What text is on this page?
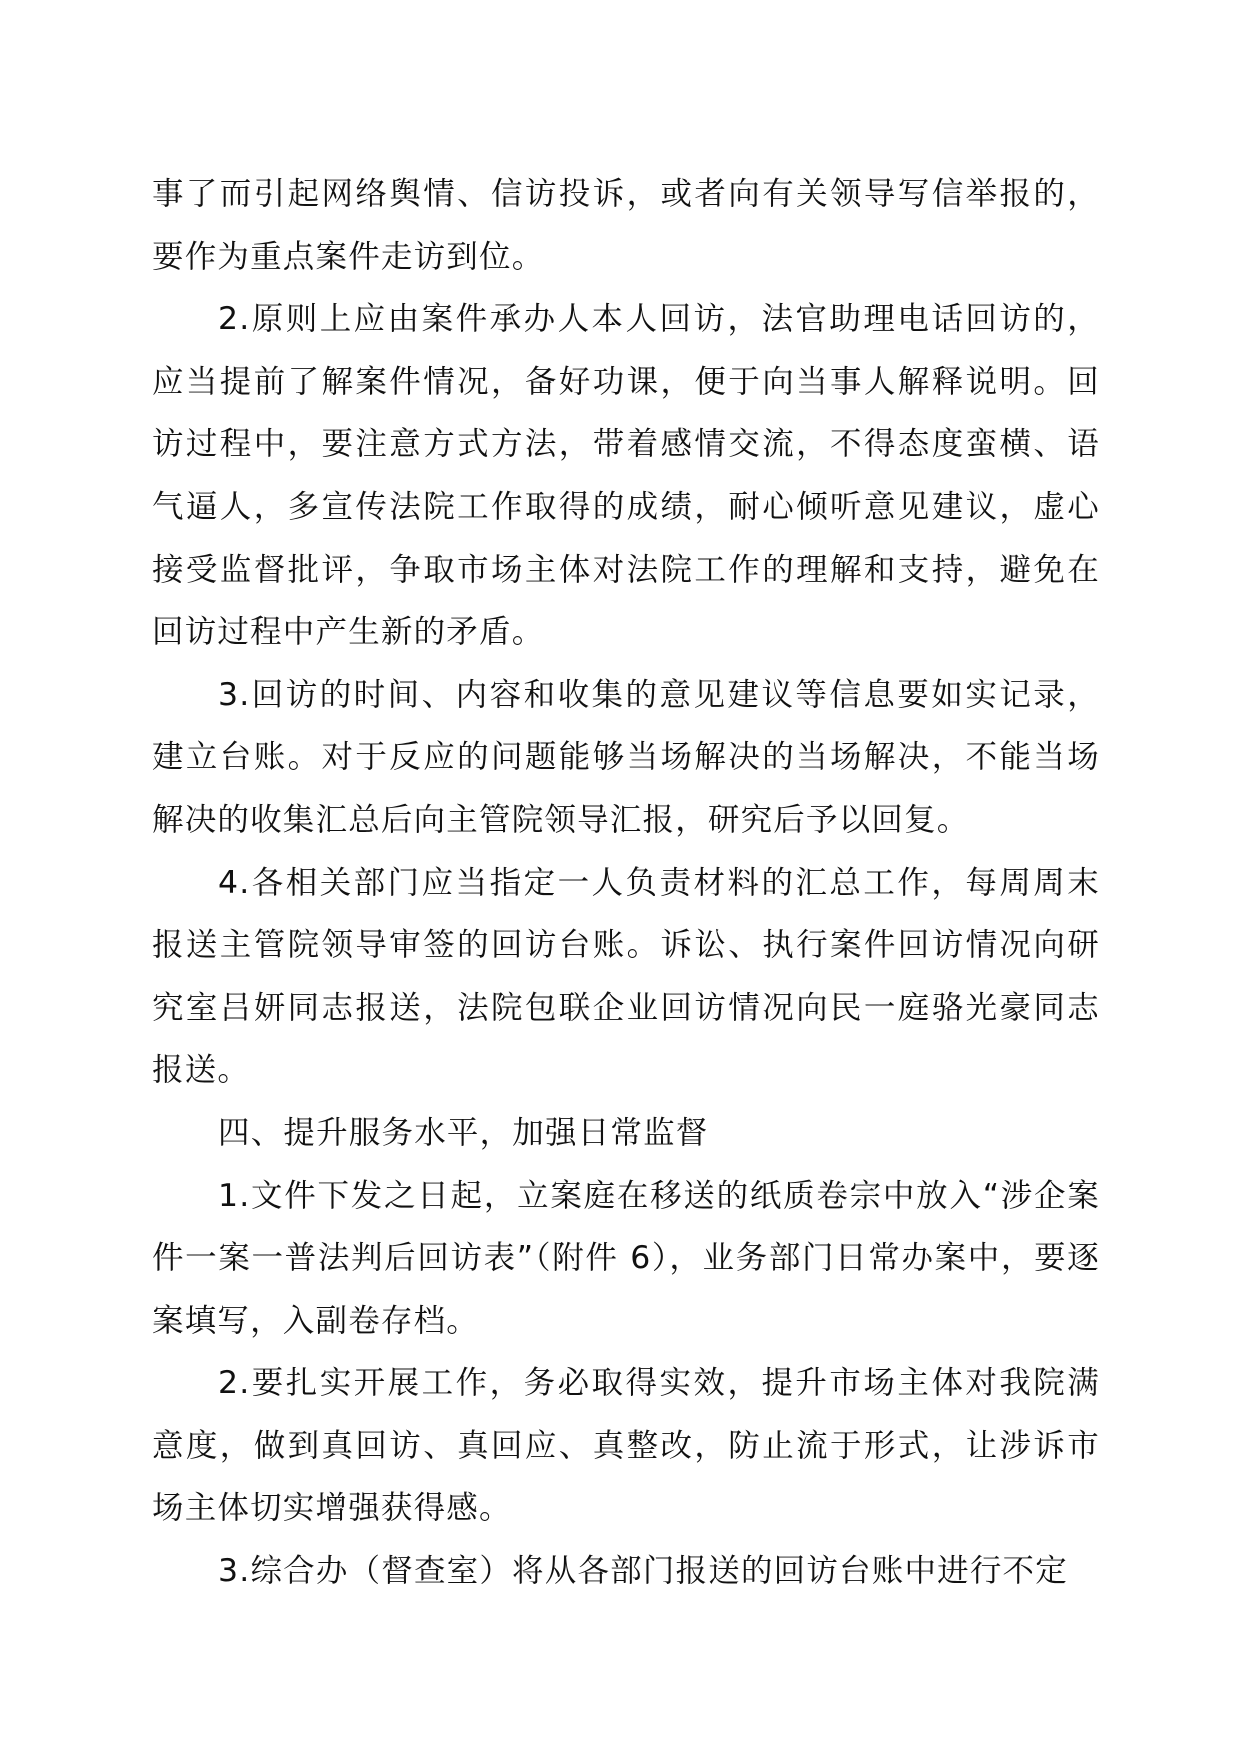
事了而引起网络舆情、信访投诉，或者向有关领导写信举报的，要作为重点案件走访到位。

2.原则上应由案件承办人本人回访，法官助理电话回访的，应当提前了解案件情况，备好功课，便于向当事人解释说明。回访过程中，要注意方式方法，带着感情交流，不得态度蛮横、语气逼人，多宣传法院工作取得的成绩，耐心倾听意见建议，虚心接受监督批评，争取市场主体对法院工作的理解和支持，避免在回访过程中产生新的矛盾。

3.回访的时间、内容和收集的意见建议等信息要如实记录，建立台账。对于反应的问题能够当场解决的当场解决，不能当场解决的收集汇总后向主管院领导汇报，研究后予以回复。

4.各相关部门应当指定一人负责材料的汇总工作，每周周末报送主管院领导审签的回访台账。诉讼、执行案件回访情况向研究室吕妍同志报送，法院包联企业回访情况向民一庭骆光豪同志报送。

四、提升服务水平，加强日常监督

1.文件下发之日起，立案庭在移送的纸质卷宗中放入“涉企案件一案一普法判后回访表”（附件 6），业务部门日常办案中，要逐案填写，入副卷存档。

2.要扎实开展工作，务必取得实效，提升市场主体对我院满意度，做到真回访、真回应、真整改，防止流于形式，让涉诉市场主体切实增强获得感。

3.综合办（督查室）将从各部门报送的回访台账中进行不定
